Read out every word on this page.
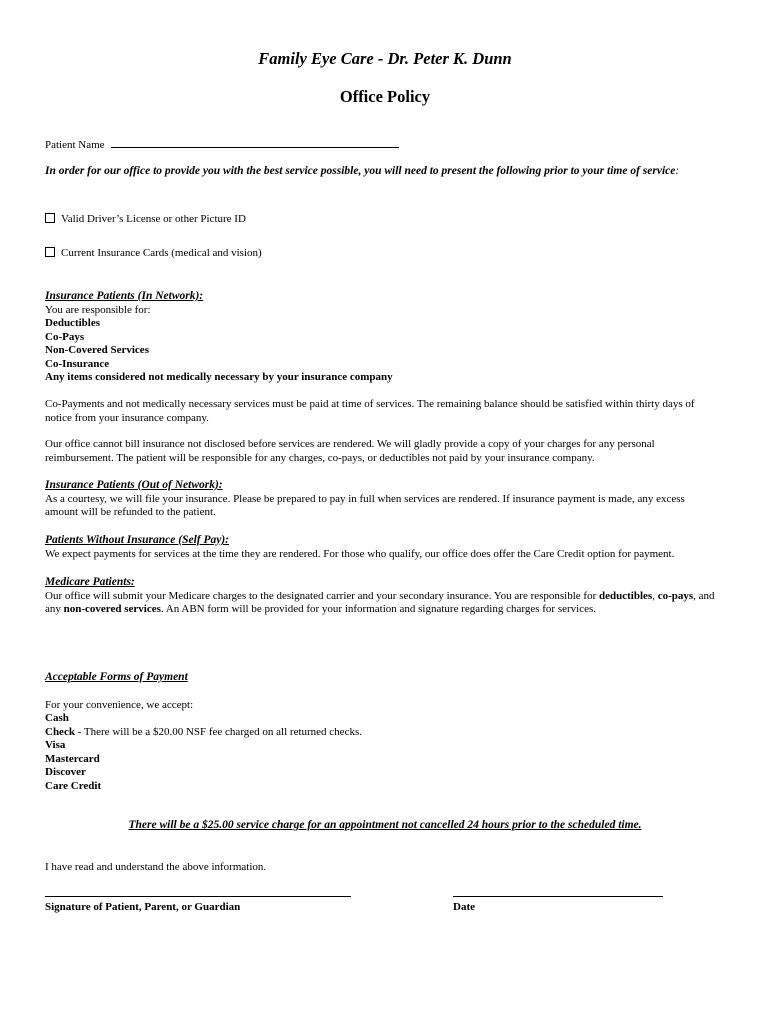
Family Eye Care - Dr. Peter K. Dunn
Office Policy
Patient Name
In order for our office to provide you with the best service possible, you will need to present the following prior to your time of service:
Valid Driver’s License or other Picture ID
Current Insurance Cards (medical and vision)
Insurance Patients (In Network):
You are responsible for:
Deductibles
Co-Pays
Non-Covered Services
Co-Insurance
Any items considered not medically necessary by your insurance company

Co-Payments and not medically necessary services must be paid at time of services. The remaining balance should be satisfied within thirty days of notice from your insurance company.

Our office cannot bill insurance not disclosed before services are rendered. We will gladly provide a copy of your charges for any personal reimbursement. The patient will be responsible for any charges, co-pays, or deductibles not paid by your insurance company.

Insurance Patients (Out of Network):

As a courtesy, we will file your insurance. Please be prepared to pay in full when services are rendered. If insurance payment is made, any excess amount will be refunded to the patient.

Patients Without Insurance (Self Pay):

We expect payments for services at the time they are rendered. For those who qualify, our office does offer the Care Credit option for payment.

Medicare Patients:

Our office will submit your Medicare charges to the designated carrier and your secondary insurance. You are responsible for deductibles, co-pays, and any non-covered services. An ABN form will be provided for your information and signature regarding charges for services.

Acceptable Forms of Payment
For your convenience, we accept:
Cash
Check - There will be a $20.00 NSF fee charged on all returned checks.
Visa
Mastercard
Discover
Care Credit
There will be a $25.00 service charge for an appointment not cancelled 24 hours prior to the scheduled time.
I have read and understand the above information.
Signature of Patient, Parent, or Guardian	Date
